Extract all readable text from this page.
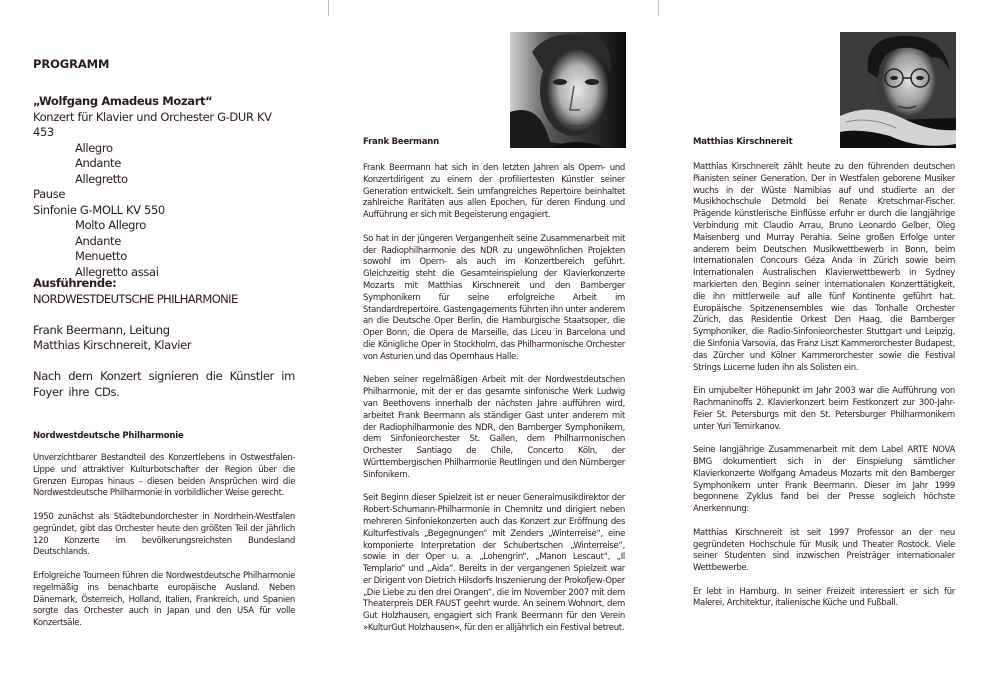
PROGRAMM
„Wolfgang Amadeus Mozart“
Konzert für Klavier und Orchester G-DUR KV 453
Allegro
Andante
Allegretto
Pause
Sinfonie G-MOLL KV 550
Molto Allegro
Andante
Menuetto
Allegretto assai
Ausführende:
NORDWESTDEUTSCHE PHILHARMONIE
Frank Beermann, Leitung
Matthias Kirschnereit, Klavier
Nach dem Konzert signieren die Künstler im Foyer ihre CDs.
Nordwestdeutsche Philharmonie

Unverzichtbarer Bestandteil des Konzertlebens in Ostwestfalen-Lippe und attraktiver Kulturbotschafter der Region über die Grenzen Europas hinaus – diesen beiden Ansprüchen wird die Nordwestdeutsche Philharmonie in vorbildlicher Weise gerecht.

1950 zunächst als Städtebundorchester in Nordrhein-Westfalen gegründet, gibt das Orchester heute den größten Teil der jährlich 120 Konzerte im bevölkerungsreichsten Bundesland Deutschlands.

Erfolgreiche Tourneen führen die Nordwestdeutsche Philharmonie regelmäßig ins benachbarte europäische Ausland. Neben Dänemark, Österreich, Holland, Italien, Frankreich, und Spanien sorgte das Orchester auch in Japan und den USA für volle Konzertsäle.

Frank Beermann

Frank Beermann hat sich in den letzten Jahren als Opern- und Konzertdirigent zu einem der profiliertesten Künstler seiner Generation entwickelt. Sein umfangreiches Repertoire beinhaltet zahlreiche Raritäten aus allen Epochen, für deren Findung und Aufführung er sich mit Begeisterung engagiert.

So hat in der jüngeren Vergangenheit seine Zusammenarbeit mit der Radiophilharmonie des NDR zu ungewöhnlichen Projekten sowohl im Opern- als auch im Konzertbereich geführt. Gleichzeitig steht die Gesamteinspielung der Klavierkonzerte Mozarts mit Matthias Kirschnereit und den Bamberger Symphonikern für seine erfolgreiche Arbeit im Standardrepertoire. Gastengagements führten ihn unter anderem an die Deutsche Oper Berlin, die Hamburgische Staatsoper, die Oper Bonn, die Opera de Marseille, das Liceu in Barcelona und die Königliche Oper in Stockholm, das Philharmonische Orchester von Asturien und das Opernhaus Halle.

Neben seiner regelmäßigen Arbeit mit der Nordwestdeutschen Philharmonie, mit der er das gesamte sinfonische Werk Ludwig van Beethovens innerhalb der nächsten Jahre aufführen wird, arbeitet Frank Beermann als ständiger Gast unter anderem mit der Radiophilharmonie des NDR, den Bamberger Symphonikern, dem Sinfonieorchester St. Gallen, dem Philharmonischen Orchester Santiago de Chile, Concerto Köln, der Württembergischen Philharmonie Reutlingen und den Nürnberger Sinfonikern.

Seit Beginn dieser Spielzeit ist er neuer Generalmusikdirektor der Robert-Schumann-Philharmonie in Chemnitz und dirigiert neben mehreren Sinfoniekonzerten auch das Konzert zur Eröffnung des Kulturfestivals „Begegnungen“ mit Zenders „Winterreise“, eine komponierte Interpretation der Schubertschen „Winterreise“, sowie in der Oper u. a. „Lohengrin“, „Manon Lescaut“, „Il Templario“ und „Aida“. Bereits in der vergangenen Spielzeit war er Dirigent von Dietrich Hilsdorfs Inszenierung der Prokofjew-Oper „Die Liebe zu den drei Orangen“, die im November 2007 mit dem Theaterpreis DER FAUST geehrt wurde. An seinem Wohnort, dem Gut Holzhausen, engagiert sich Frank Beermann für den Verein »KulturGut Holzhausen«, für den er alljährlich ein Festival betreut.

Matthias Kirschnereit

Matthias Kirschnereit zählt heute zu den führenden deutschen Pianisten seiner Generation. Der in Westfalen geborene Musiker wuchs in der Wüste Namibias auf und studierte an der Musikhochschule Detmold bei Renate Kretschmar-Fischer. Prägende künstlerische Einflüsse erfuhr er durch die langjährige Verbindung mit Claudio Arrau, Bruno Leonardo Gelber, Oleg Maisenberg und Murray Perahia. Seine großen Erfolge unter anderem beim Deutschen Musikwettbewerb in Bonn, beim Internationalen Concours Géza Anda in Zürich sowie beim Internationalen Australischen Klavierwettbewerb in Sydney markierten den Beginn seiner internationalen Konzerttätigkeit, die ihn mittlerweile auf alle fünf Kontinente geführt hat. Europäische Spitzenensembles wie das Tonhalle Orchester Zürich, das Residentie Orkest Den Haag, die Bamberger Symphoniker, die Radio-Sinfonieorchester Stuttgart und Leipzig, die Sinfonia Varsovia, das Franz Liszt Kammerorchester Budapest, das Zürcher und Kölner Kammerorchester sowie die Festival Strings Lucerne luden ihn als Solisten ein.

Ein umjubelter Höhepunkt im Jahr 2003 war die Aufführung von Rachmaninoffs 2. Klavierkonzert beim Festkonzert zur 300-Jahr-Feier St. Petersburgs mit den St. Petersburger Philharmonikern unter Yuri Temirkanov.

Seine langjährige Zusammenarbeit mit dem Label ARTE NOVA BMG dokumentiert sich in der Einspielung sämtlicher Klavierkonzerte Wolfgang Amadeus Mozarts mit den Bamberger Symphonikern unter Frank Beermann. Dieser im Jahr 1999 begonnene Zyklus fand bei der Presse sogleich höchste Anerkennung:

Matthias Kirschnereit ist seit 1997 Professor an der neu gegründeten Hochschule für Musik und Theater Rostock. Viele seiner Studenten sind inzwischen Preisträger internationaler Wettbewerbe.

Er lebt in Hamburg. In seiner Freizeit interessiert er sich für Malerei, Architektur, italienische Küche und Fußball.
